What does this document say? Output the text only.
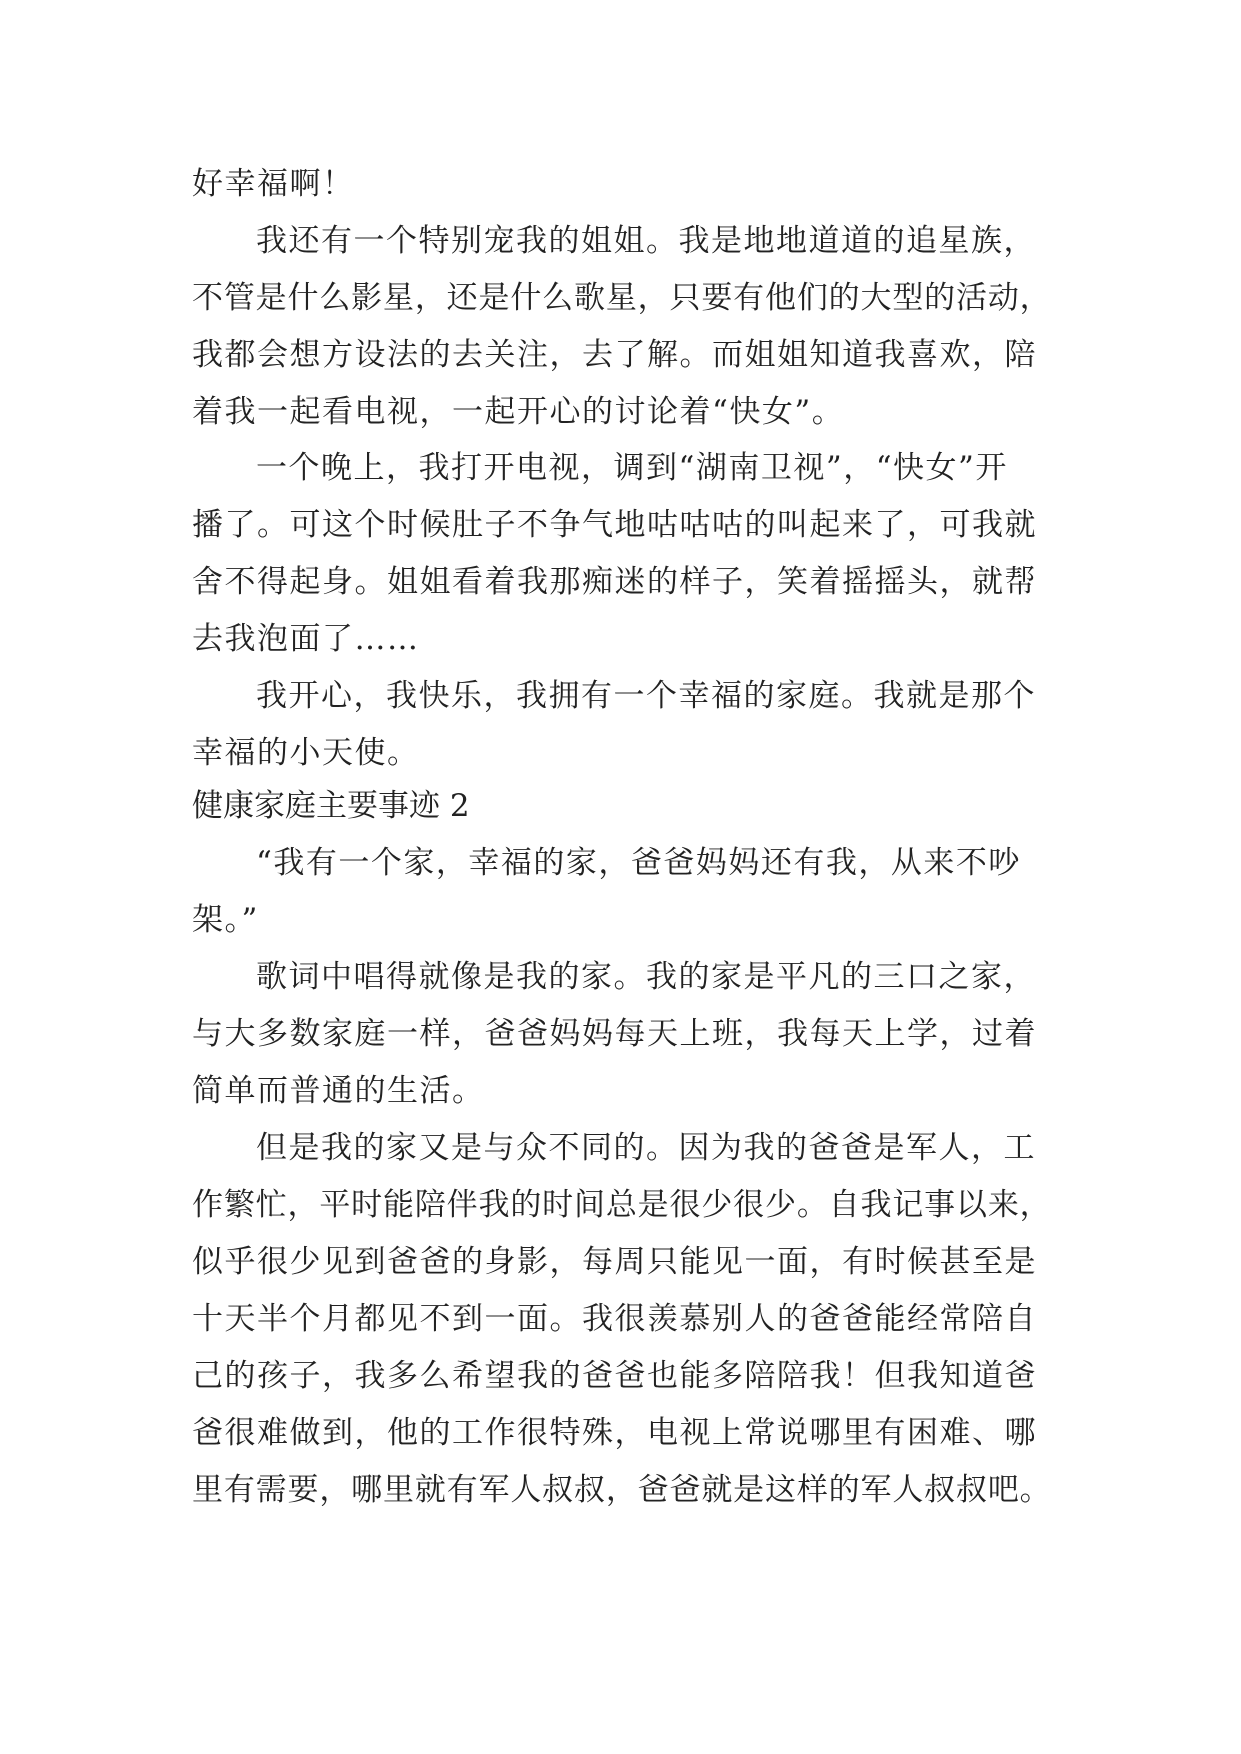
好幸福啊！
我还有一个特别宠我的姐姐。我是地地道道的追星族，
不管是什么影星，还是什么歌星，只要有他们的大型的活动，
我都会想方设法的去关注，去了解。而姐姐知道我喜欢，陪
着我一起看电视，一起开心的讨论着“快女”。
一个晚上，我打开电视，调到“湖南卫视”，“快女”开
播了。可这个时候肚子不争气地咕咕咕的叫起来了，可我就
舍不得起身。姐姐看着我那痴迷的样子，笑着摇摇头，就帮
去我泡面了……
我开心，我快乐，我拥有一个幸福的家庭。我就是那个
幸福的小天使。
健康家庭主要事迹 2
“我有一个家，幸福的家，爸爸妈妈还有我，从来不吵
架。”
歌词中唱得就像是我的家。我的家是平凡的三口之家，
与大多数家庭一样，爸爸妈妈每天上班，我每天上学，过着
简单而普通的生活。
但是我的家又是与众不同的。因为我的爸爸是军人，工
作繁忙，平时能陪伴我的时间总是很少很少。自我记事以来，
似乎很少见到爸爸的身影，每周只能见一面，有时候甚至是
十天半个月都见不到一面。我很羡慕别人的爸爸能经常陪自
己的孩子，我多么希望我的爸爸也能多陪陪我！但我知道爸
爸很难做到，他的工作很特殊，电视上常说哪里有困难、哪
里有需要，哪里就有军人叔叔，爸爸就是这样的军人叔叔吧。
